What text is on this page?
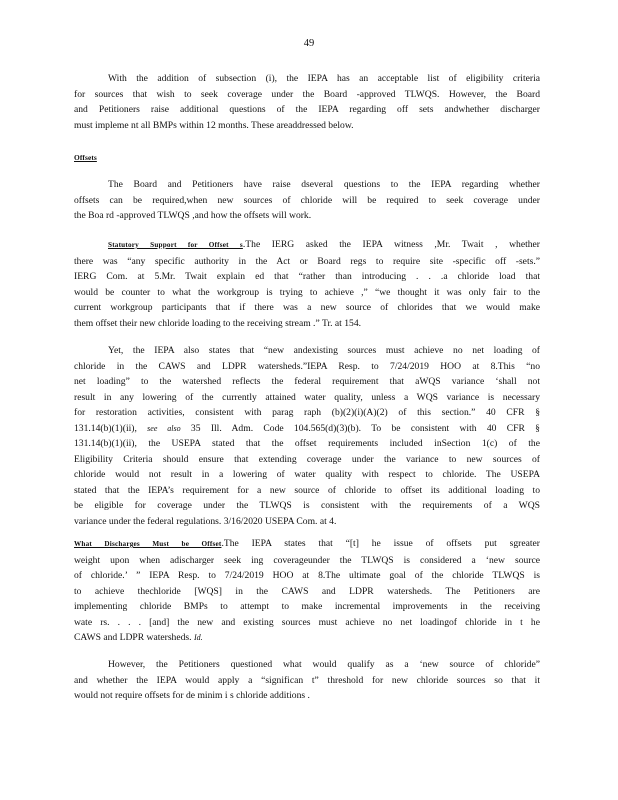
49
With the addition of subsection (i), the IEPA has an acceptable list of eligibility criteria
for sources that wish to seek coverage under the Board -approved TLWQS. However, the Board
and Petitioners raise additional questions of the IEPA regarding off sets andwhether discharger
must impleme nt all BMPs within 12 months. These areaddressed below.
Offsets
The Board and Petitioners have raise dseveral questions to the IEPA regarding whether
offsets can be required,when new sources of chloride will be required to seek coverage under
the Boa rd -approved TLWQS ,and how the offsets will work.
Statutory Support for Offset s.The IERG asked the IEPA witness ,Mr. Twait , whether
there was “any specific authority in the Act or Board regs to require site -specific off -sets.”
IERG Com. at 5.Mr. Twait explain ed that “rather than introducing . . .a chloride load that
would be counter to what the workgroup is trying to achieve ,” “we thought it was only fair to the
current workgroup participants that if there was a new source of chlorides that we would make
them offset their new chloride loading to the receiving stream .” Tr. at 154.
Yet, the IEPA also states that “new andexisting sources must achieve no net loading of
chloride in the CAWS and LDPR watersheds.”IEPA Resp. to 7/24/2019 HOO at 8.This “no
net loading” to the watershed reflects the federal requirement that aWQS variance ‘shall not
result in any lowering of the currently attained water quality, unless a WQS variance is necessary
for restoration activities, consistent with parag raph (b)(2)(i)(A)(2) of this section.” 40 CFR §
131.14(b)(1)(ii), see also 35 Ill. Adm. Code 104.565(d)(3)(b). To be consistent with 40 CFR §
131.14(b)(1)(ii), the USEPA stated that the offset requirements included inSection 1(c) of the
Eligibility Criteria should ensure that extending coverage under the variance to new sources of
chloride would not result in a lowering of water quality with respect to chloride. The USEPA
stated that the IEPA’s requirement for a new source of chloride to offset its additional loading to
be eligible for coverage under the TLWQS is consistent with the requirements of a WQS
variance under the federal regulations. 3/16/2020 USEPA Com. at 4.
What Discharges Must be Offset.The IEPA states that “[t] he issue of offsets put sgreater
weight upon when adischarger seek ing coverageunder the TLWQS is considered a ‘new source
of chloride.’ ” IEPA Resp. to 7/24/2019 HOO at 8.The ultimate goal of the chloride TLWQS is
to achieve thechloride [WQS] in the CAWS and LDPR watersheds. The Petitioners are
implementing chloride BMPs to attempt to make incremental improvements in the receiving
wate rs. . . . [and] the new and existing sources must achieve no net loadingof chloride in t he
CAWS and LDPR watersheds. Id.
However, the Petitioners questioned what would qualify as a ‘new source of chloride”
and whether the IEPA would apply a “significan t” threshold for new chloride sources so that it
would not require offsets for de minim i s chloride additions .
